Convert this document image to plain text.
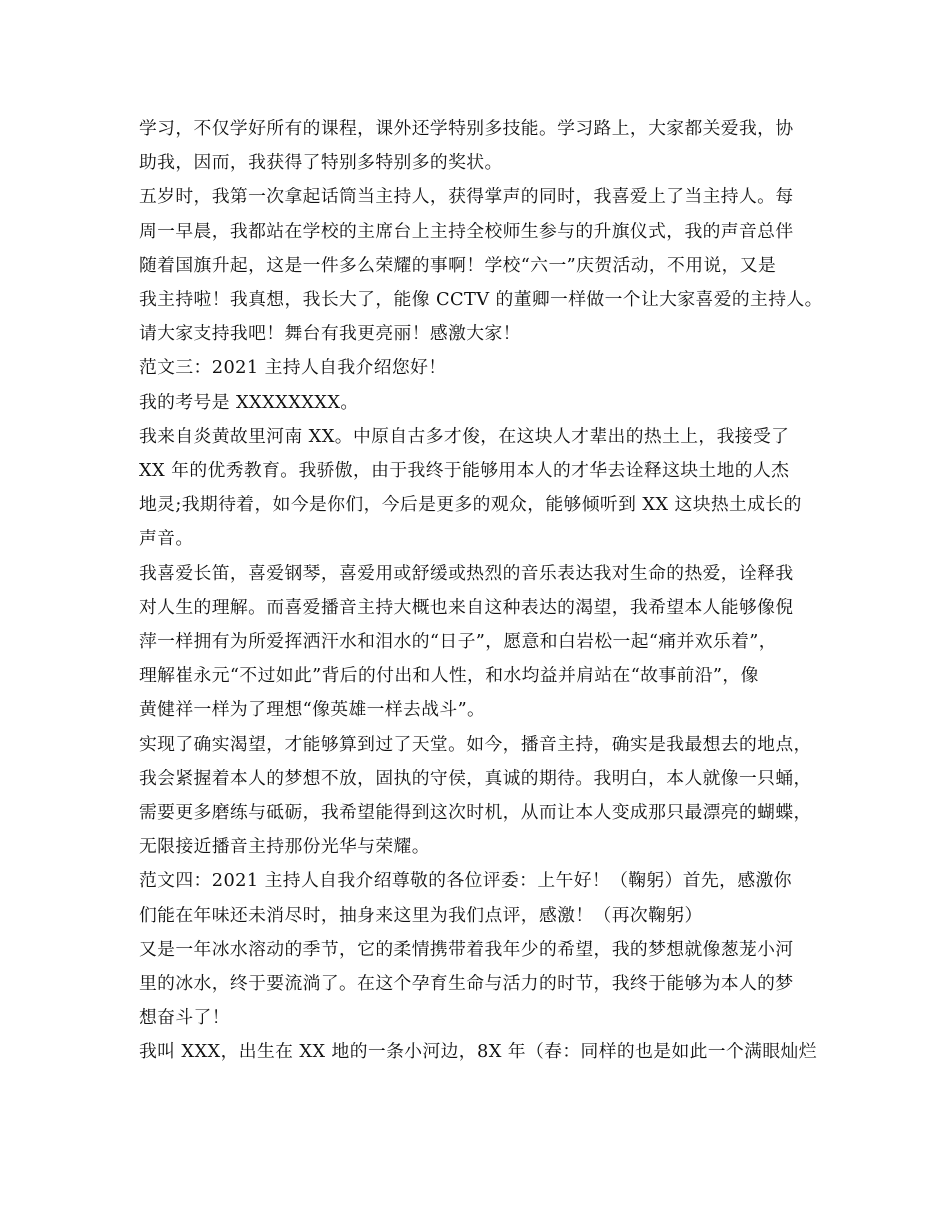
学习，不仅学好所有的课程，课外还学特别多技能。学习路上，大家都关爱我，协
助我，因而，我获得了特别多特别多的奖状。
五岁时，我第一次拿起话筒当主持人，获得掌声的同时，我喜爱上了当主持人。每
周一早晨，我都站在学校的主席台上主持全校师生参与的升旗仪式，我的声音总伴
随着国旗升起，这是一件多么荣耀的事啊！学校“六一”庆贺活动，不用说，又是
我主持啦！我真想，我长大了，能像 CCTV 的董卿一样做一个让大家喜爱的主持人。
请大家支持我吧！舞台有我更亮丽！感激大家！
范文三：2021 主持人自我介绍您好！
我的考号是 XXXXXXXX。
我来自炎黄故里河南 XX。中原自古多才俊，在这块人才辈出的热土上，我接受了
XX 年的优秀教育。我骄傲，由于我终于能够用本人的才华去诠释这块土地的人杰
地灵;我期待着，如今是你们，今后是更多的观众，能够倾听到 XX 这块热土成长的
声音。
我喜爱长笛，喜爱钢琴，喜爱用或舒缓或热烈的音乐表达我对生命的热爱，诠释我
对人生的理解。而喜爱播音主持大概也来自这种表达的渴望，我希望本人能够像倪
萍一样拥有为所爱挥洒汗水和泪水的“日子”，愿意和白岩松一起“痛并欢乐着”，
理解崔永元“不过如此”背后的付出和人性，和水均益并肩站在“故事前沿”，像
黄健祥一样为了理想“像英雄一样去战斗”。
实现了确实渴望，才能够算到过了天堂。如今，播音主持，确实是我最想去的地点，
我会紧握着本人的梦想不放，固执的守侯，真诚的期待。我明白，本人就像一只蛹，
需要更多磨练与砥砺，我希望能得到这次时机，从而让本人变成那只最漂亮的蝴蝶，
无限接近播音主持那份光华与荣耀。
范文四：2021 主持人自我介绍尊敬的各位评委：上午好！（鞠躬）首先，感激你
们能在年味还未消尽时，抽身来这里为我们点评，感激！（再次鞠躬）
又是一年冰水溶动的季节，它的柔情携带着我年少的希望，我的梦想就像葱茏小河
里的冰水，终于要流淌了。在这个孕育生命与活力的时节，我终于能够为本人的梦
想奋斗了！
我叫 XXX，出生在 XX 地的一条小河边，8X 年（春：同样的也是如此一个满眼灿烂
